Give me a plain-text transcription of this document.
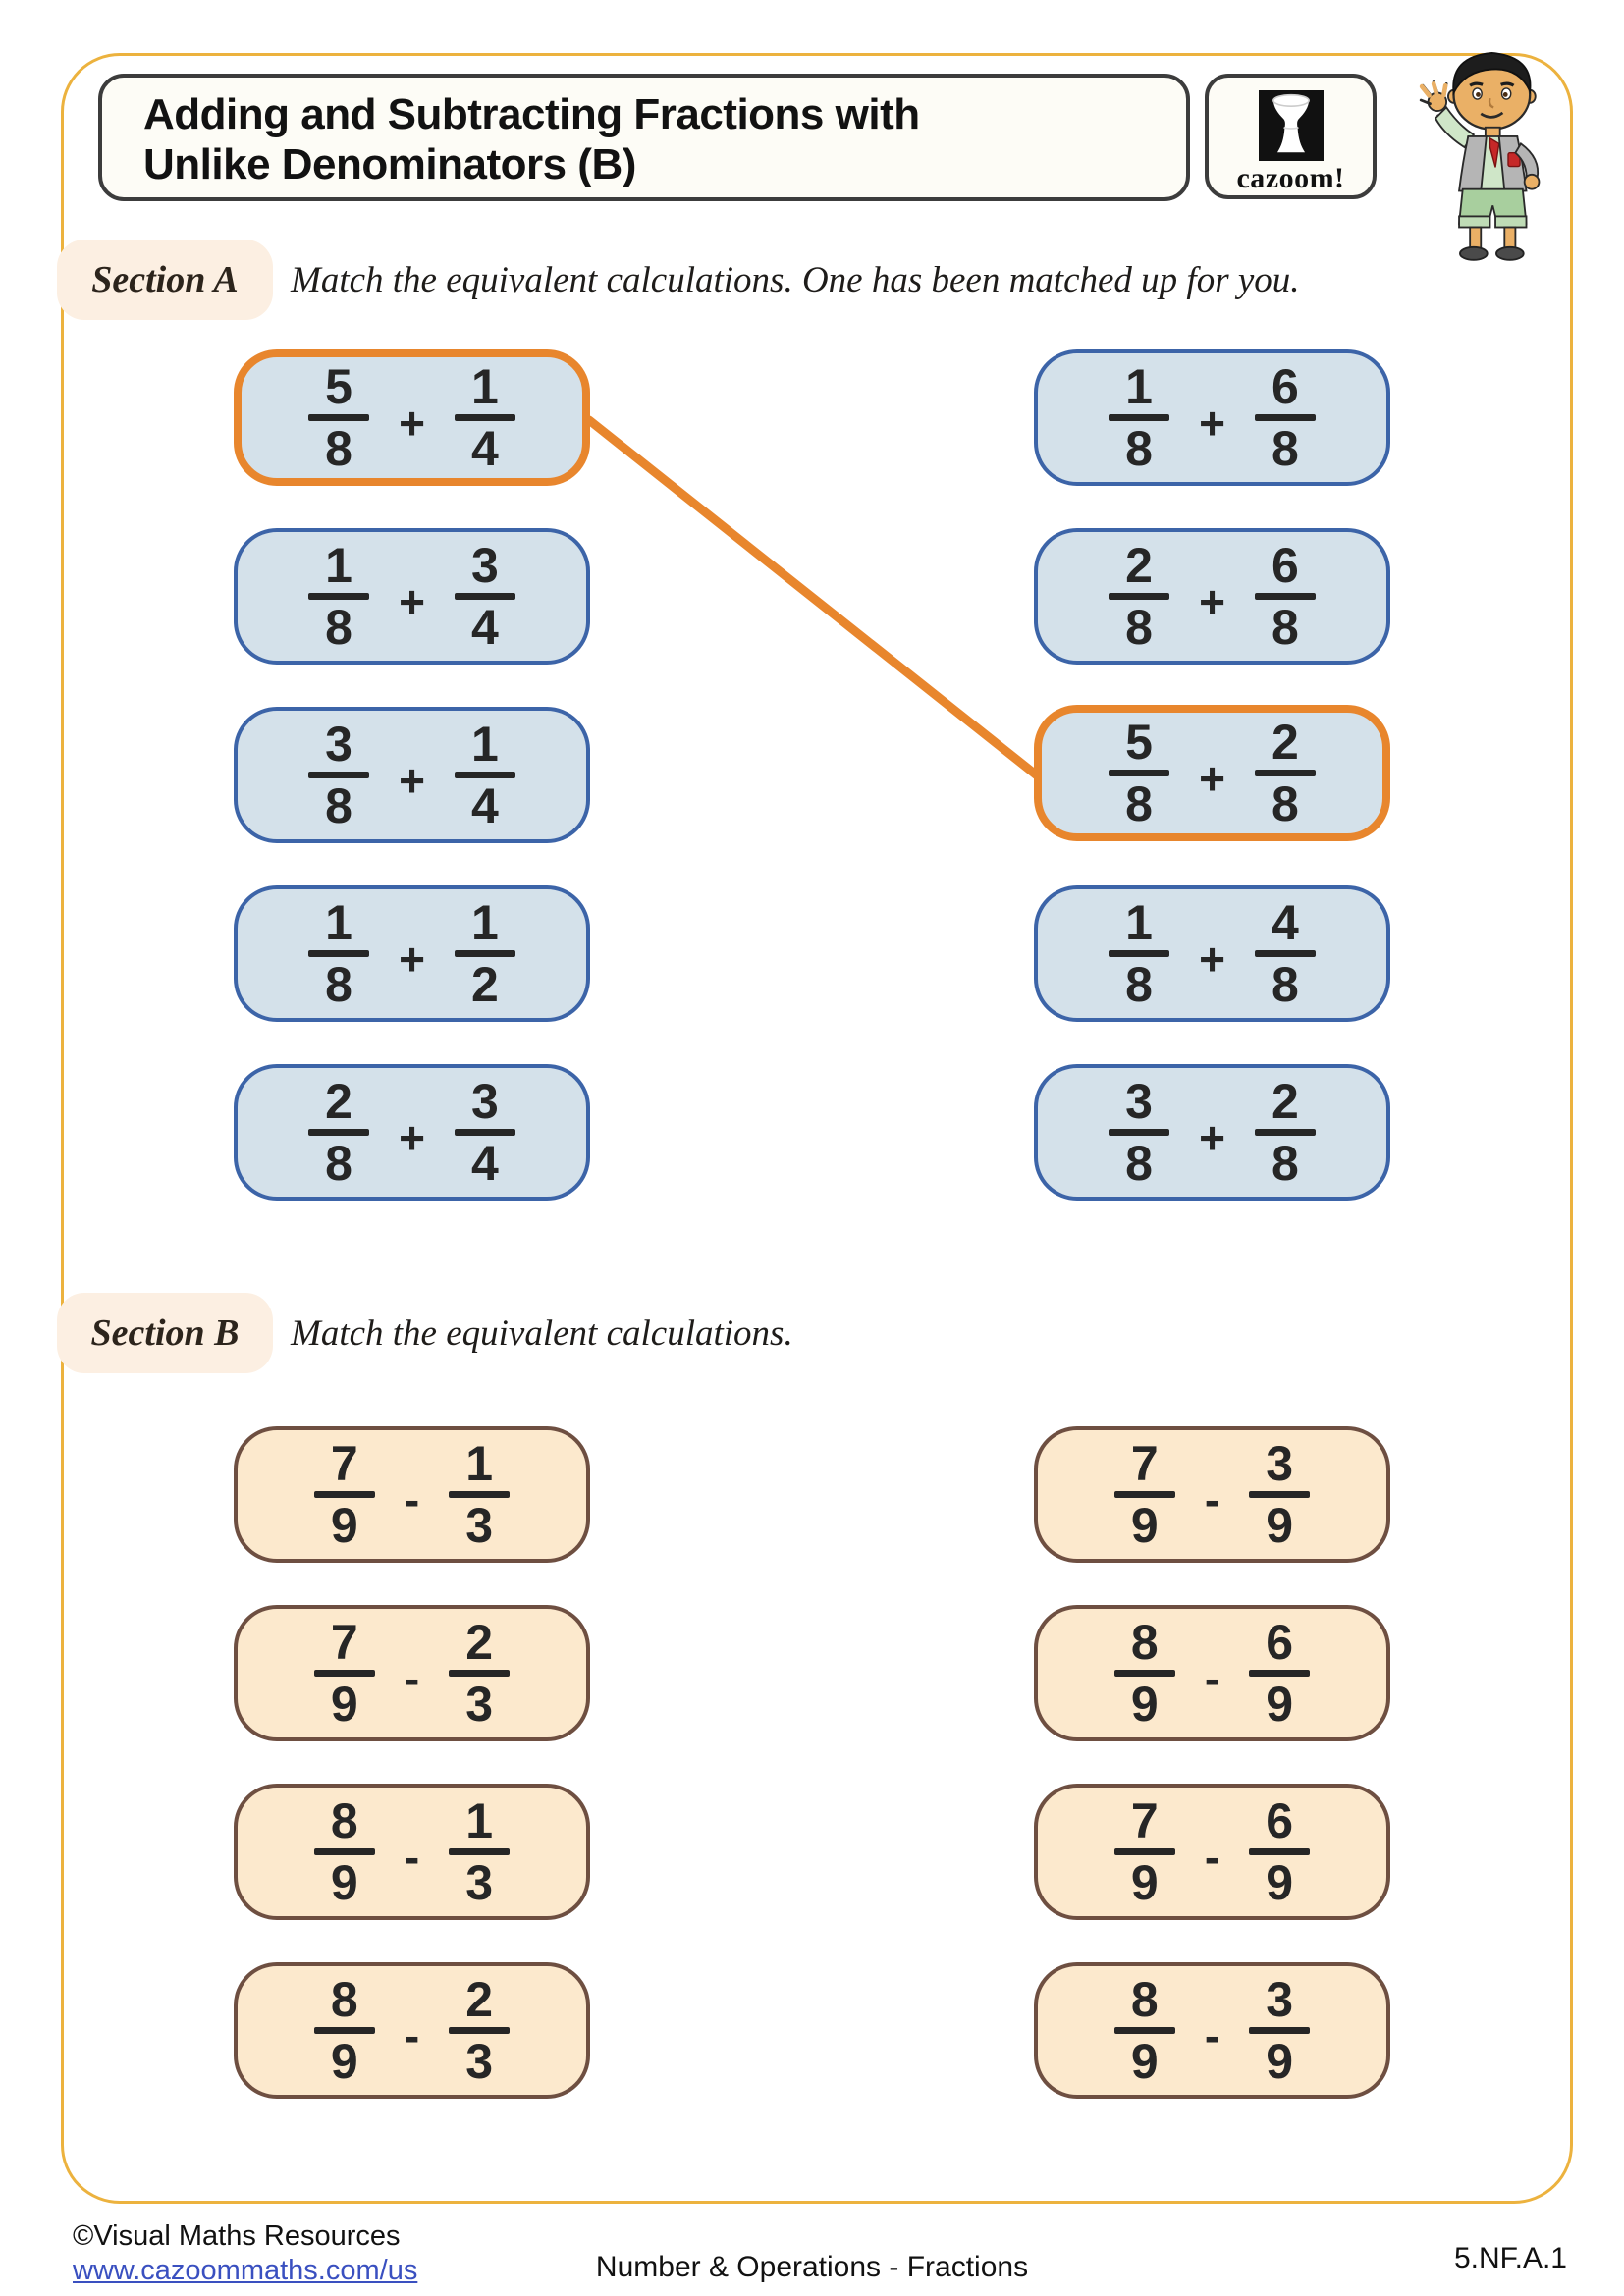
Adding and Subtracting Fractions with
Unlike Denominators (B)	cazoom!
Section A Match the equivalent calculations. One has been matched up for you.
5
8 +
1
4
1
8 +
3
4
3
8 +
1
4
1
8 +
1
2
2
8 +
3
4
1
8 +
6
8
2
8 +
6
8
5
8 +
2
8
1
8 +
4
8
3
8 +
2
8
Section B Match the equivalent calculations.
7
9 -
1
3
7
9 -
2
3
8
9 -
1
3
8
9 -
2
3
7
9 -
3
9
8
9 -
6
9
7
9 -
6
9
8
9 -
3
9
©Visual Maths Resources
www.cazoommaths.com/us	Number & Operations - Fractions	5.NF.A.1
